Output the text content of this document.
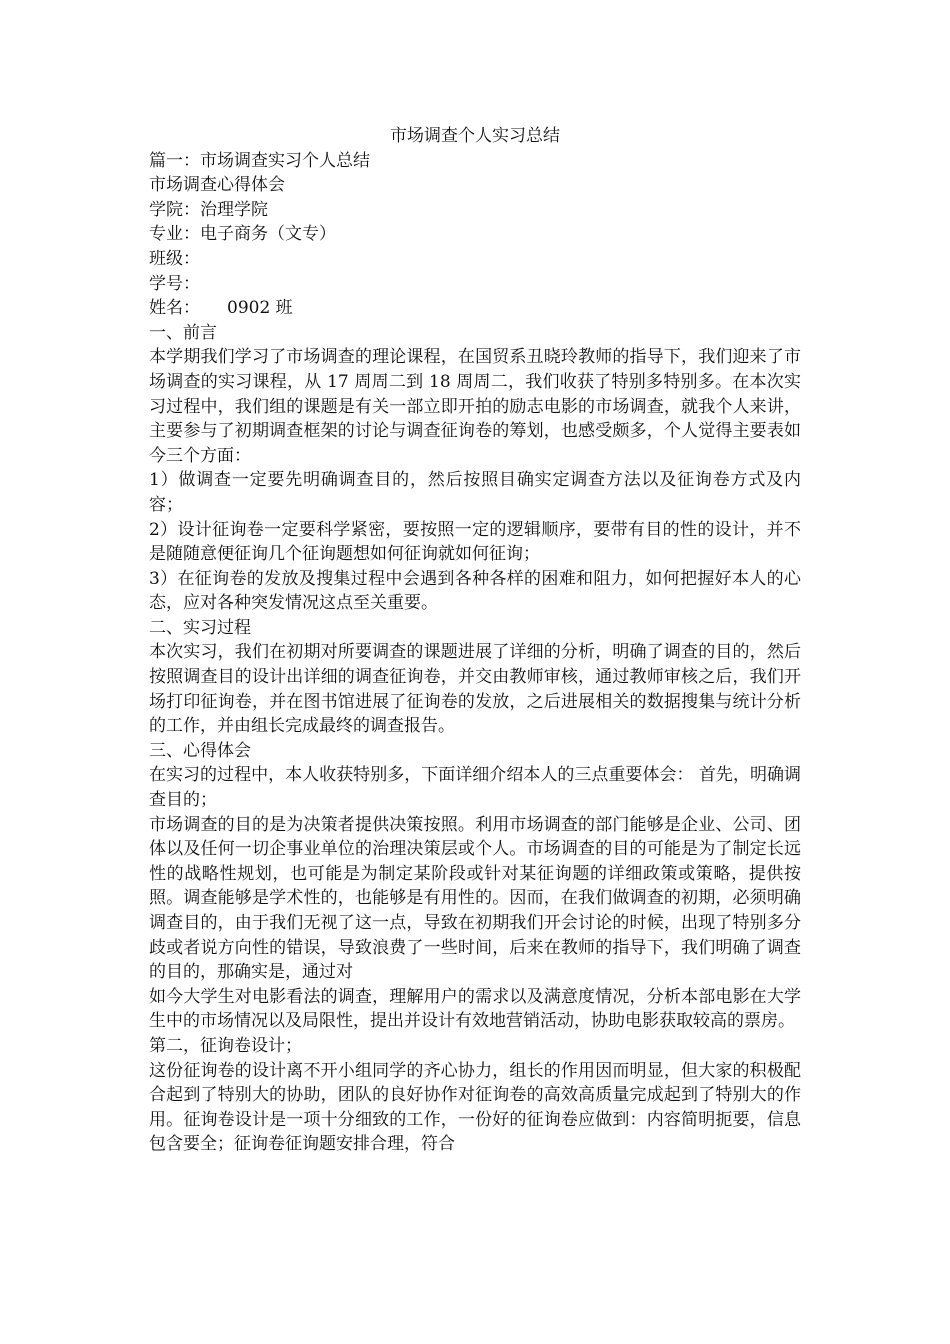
市场调查个人实习总结

篇一：市场调查实习个人总结

市场调查心得体会

学院：治理学院

专业：电子商务（文专）

班级：

学号：

姓名：     0902 班

一、前言

本学期我们学习了市场调查的理论课程，在国贸系丑晓玲教师的指导下，我们迎来了市场调查的实习课程，从 17 周周二到 18 周周二，我们收获了特别多特别多。在本次实习过程中，我们组的课题是有关一部立即开拍的励志电影的市场调查，就我个人来讲，主要参与了初期调查框架的讨论与调查征询卷的筹划，也感受颇多，个人觉得主要表如今三个方面：

1）做调查一定要先明确调查目的，然后按照目确实定调查方法以及征询卷方式及内容；

2）设计征询卷一定要科学紧密，要按照一定的逻辑顺序，要带有目的性的设计，并不是随随意便征询几个征询题想如何征询就如何征询；

3）在征询卷的发放及搜集过程中会遇到各种各样的困难和阻力，如何把握好本人的心态，应对各种突发情况这点至关重要。

二、实习过程

本次实习，我们在初期对所要调查的课题进展了详细的分析，明确了调查的目的，然后按照调查目的设计出详细的调查征询卷，并交由教师审核，通过教师审核之后，我们开场打印征询卷，并在图书馆进展了征询卷的发放，之后进展相关的数据搜集与统计分析的工作，并由组长完成最终的调查报告。

三、心得体会

在实习的过程中，本人收获特别多，下面详细介绍本人的三点重要体会： 首先，明确调查目的；

市场调查的目的是为决策者提供决策按照。利用市场调查的部门能够是企业、公司、团体以及任何一切企事业单位的治理决策层或个人。市场调查的目的可能是为了制定长远性的战略性规划，也可能是为制定某阶段或针对某征询题的详细政策或策略，提供按照。调查能够是学术性的，也能够是有用性的。因而，在我们做调查的初期，必须明确调查目的，由于我们无视了这一点，导致在初期我们开会讨论的时候，出现了特别多分歧或者说方向性的错误，导致浪费了一些时间，后来在教师的指导下，我们明确了调查的目的，那确实是，通过对

如今大学生对电影看法的调查，理解用户的需求以及满意度情况，分析本部电影在大学生中的市场情况以及局限性，提出并设计有效地营销活动，协助电影获取较高的票房。

第二，征询卷设计；

这份征询卷的设计离不开小组同学的齐心协力，组长的作用因而明显，但大家的积极配合起到了特别大的协助，团队的良好协作对征询卷的高效高质量完成起到了特别大的作用。征询卷设计是一项十分细致的工作，一份好的征询卷应做到：内容简明扼要，信息包含要全；征询卷征询题安排合理，符合
